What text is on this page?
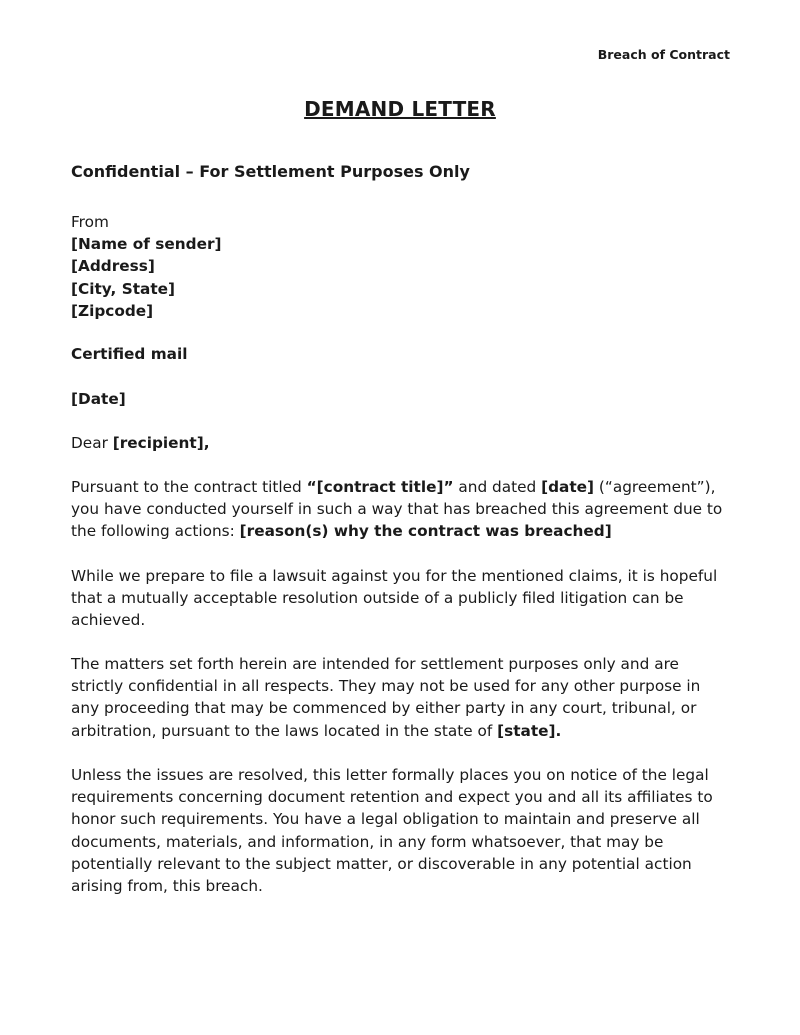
Breach of Contract
DEMAND LETTER
Confidential – For Settlement Purposes Only

From

[Name of sender]

[Address]

[City, State]

[Zipcode]

Certified mail

[Date]

Dear [recipient],

Pursuant to the contract titled “[contract title]” and dated [date] (“agreement”), you have conducted yourself in such a way that has breached this agreement due to the following actions: [reason(s) why the contract was breached]

While we prepare to file a lawsuit against you for the mentioned claims, it is hopeful that a mutually acceptable resolution outside of a publicly filed litigation can be achieved.

The matters set forth herein are intended for settlement purposes only and are strictly confidential in all respects. They may not be used for any other purpose in any proceeding that may be commenced by either party in any court, tribunal, or arbitration, pursuant to the laws located in the state of [state].

Unless the issues are resolved, this letter formally places you on notice of the legal requirements concerning document retention and expect you and all its affiliates to honor such requirements. You have a legal obligation to maintain and preserve all documents, materials, and information, in any form whatsoever, that may be potentially relevant to the subject matter, or discoverable in any potential action arising from, this breach.
